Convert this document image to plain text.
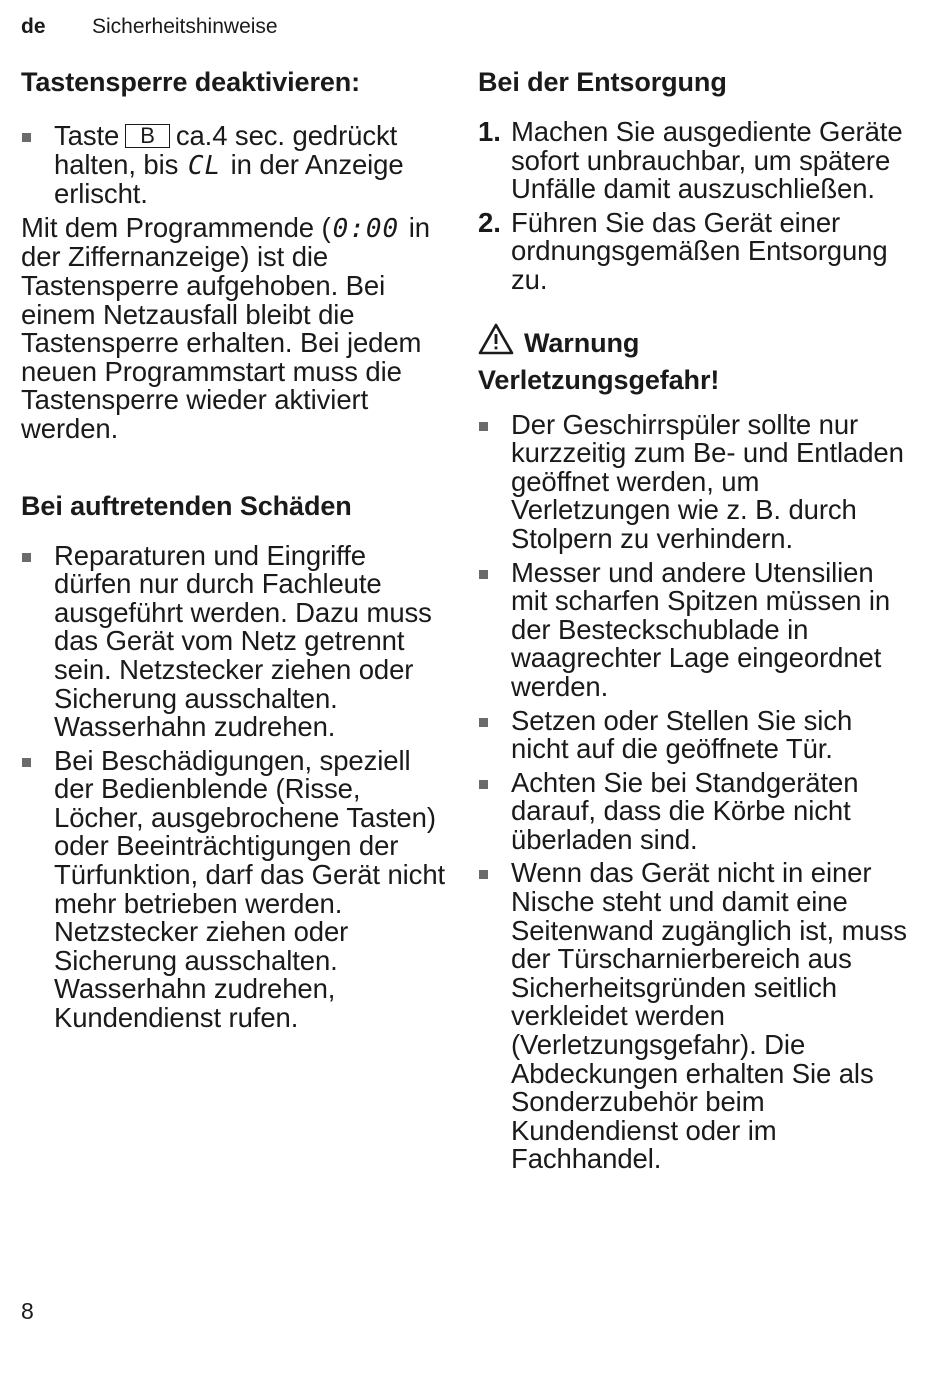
de Sicherheitshinweise
Tastensperre deaktivieren:
Taste B ca.4 sec. gedrückt halten, bis CL in der Anzeige erlischt.

Mit dem Programmende (0:00 in der Ziffernanzeige) ist die Tastensperre aufgehoben. Bei einem Netzausfall bleibt die Tastensperre erhalten. Bei jedem neuen Programmstart muss die Tastensperre wieder aktiviert werden.

Bei auftretenden Schäden
Reparaturen und Eingriffe dürfen nur durch Fachleute ausgeführt werden. Dazu muss das Gerät vom Netz getrennt sein. Netzstecker ziehen oder Sicherung ausschalten. Wasserhahn zudrehen.
Bei Beschädigungen, speziell der Bedienblende (Risse, Löcher, ausgebrochene Tasten) oder Beeinträchtigungen der Türfunktion, darf das Gerät nicht mehr betrieben werden. Netzstecker ziehen oder Sicherung ausschalten. Wasserhahn zudrehen, Kundendienst rufen.
Bei der Entsorgung
1. Machen Sie ausgediente Geräte sofort unbrauchbar, um spätere Unfälle damit auszuschließen.
2. Führen Sie das Gerät einer ordnungsgemäßen Entsorgung zu.
Warnung
Verletzungsgefahr!
Der Geschirrspüler sollte nur kurzzeitig zum Be- und Entladen geöffnet werden, um Verletzungen wie z. B. durch Stolpern zu verhindern.
Messer und andere Utensilien mit scharfen Spitzen müssen in der Besteckschublade in waagrechter Lage eingeordnet werden.
Setzen oder Stellen Sie sich nicht auf die geöffnete Tür.
Achten Sie bei Standgeräten darauf, dass die Körbe nicht überladen sind.
Wenn das Gerät nicht in einer Nische steht und damit eine Seitenwand zugänglich ist, muss der Türscharnierbereich aus Sicherheitsgründen seitlich verkleidet werden (Verletzungsgefahr). Die Abdeckungen erhalten Sie als Sonderzubehör beim Kundendienst oder im Fachhandel.
8
